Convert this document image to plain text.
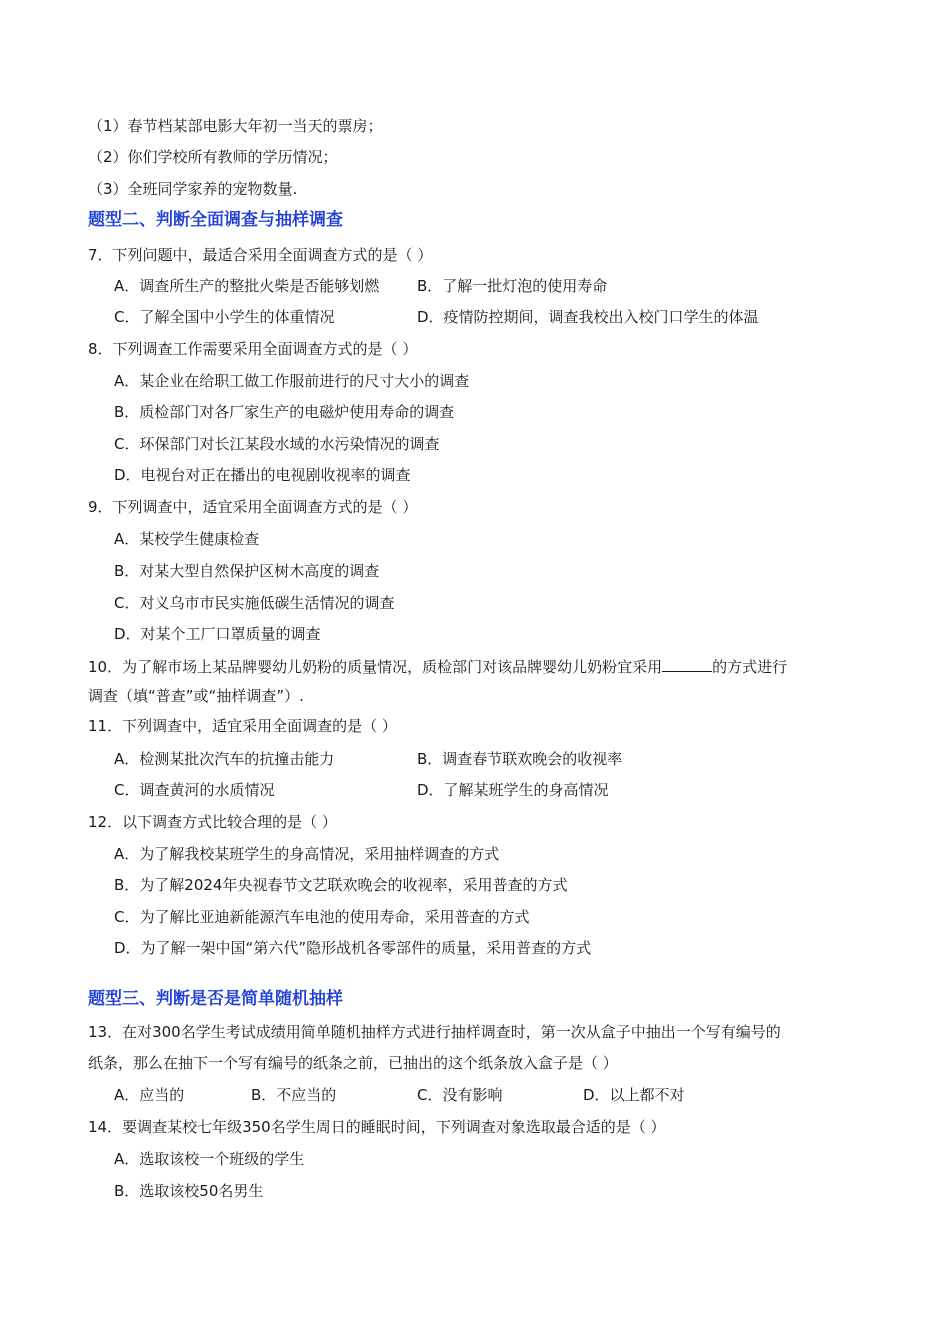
（1）春节档某部电影大年初一当天的票房；
（2）你们学校所有教师的学历情况；
（3）全班同学家养的宠物数量.
题型二、判断全面调查与抽样调查
7．下列问题中，最适合采用全面调查方式的是（ ）
A．调查所生产的整批火柴是否能够划燃	B．了解一批灯泡的使用寿命
C．了解全国中小学生的体重情况	D．疫情防控期间，调查我校出入校门口学生的体温
8．下列调查工作需要采用全面调查方式的是（ ）
A．某企业在给职工做工作服前进行的尺寸大小的调查
B．质检部门对各厂家生产的电磁炉使用寿命的调查
C．环保部门对长江某段水域的水污染情况的调查
D．电视台对正在播出的电视剧收视率的调查
9．下列调查中，适宜采用全面调查方式的是（ ）
A．某校学生健康检查
B．对某大型自然保护区树木高度的调查
C．对义乌市市民实施低碳生活情况的调查
D．对某个工厂口罩质量的调查
10．为了解市场上某品牌婴幼儿奶粉的质量情况，质检部门对该品牌婴幼儿奶粉宜采用	的方式进行
调查（填“普查”或“抽样调查”）.
11．下列调查中，适宜采用全面调查的是（ ）
A．检测某批次汽车的抗撞击能力	B．调查春节联欢晚会的收视率
C．调查黄河的水质情况	D．了解某班学生的身高情况
12．以下调查方式比较合理的是（ ）
A．为了解我校某班学生的身高情况，采用抽样调查的方式
B．为了解2024年央视春节文艺联欢晚会的收视率，采用普查的方式
C．为了解比亚迪新能源汽车电池的使用寿命，采用普查的方式
D．为了解一架中国“第六代”隐形战机各零部件的质量，采用普查的方式
题型三、判断是否是简单随机抽样
13．在对300名学生考试成绩用简单随机抽样方式进行抽样调查时，第一次从盒子中抽出一个写有编号的
纸条，那么在抽下一个写有编号的纸条之前，已抽出的这个纸条放入盒子是（ ）
A．应当的	B．不应当的	C．没有影响	D．以上都不对
14．要调查某校七年级350名学生周日的睡眠时间，下列调查对象选取最合适的是（ ）
A．选取该校一个班级的学生
B．选取该校50名男生
